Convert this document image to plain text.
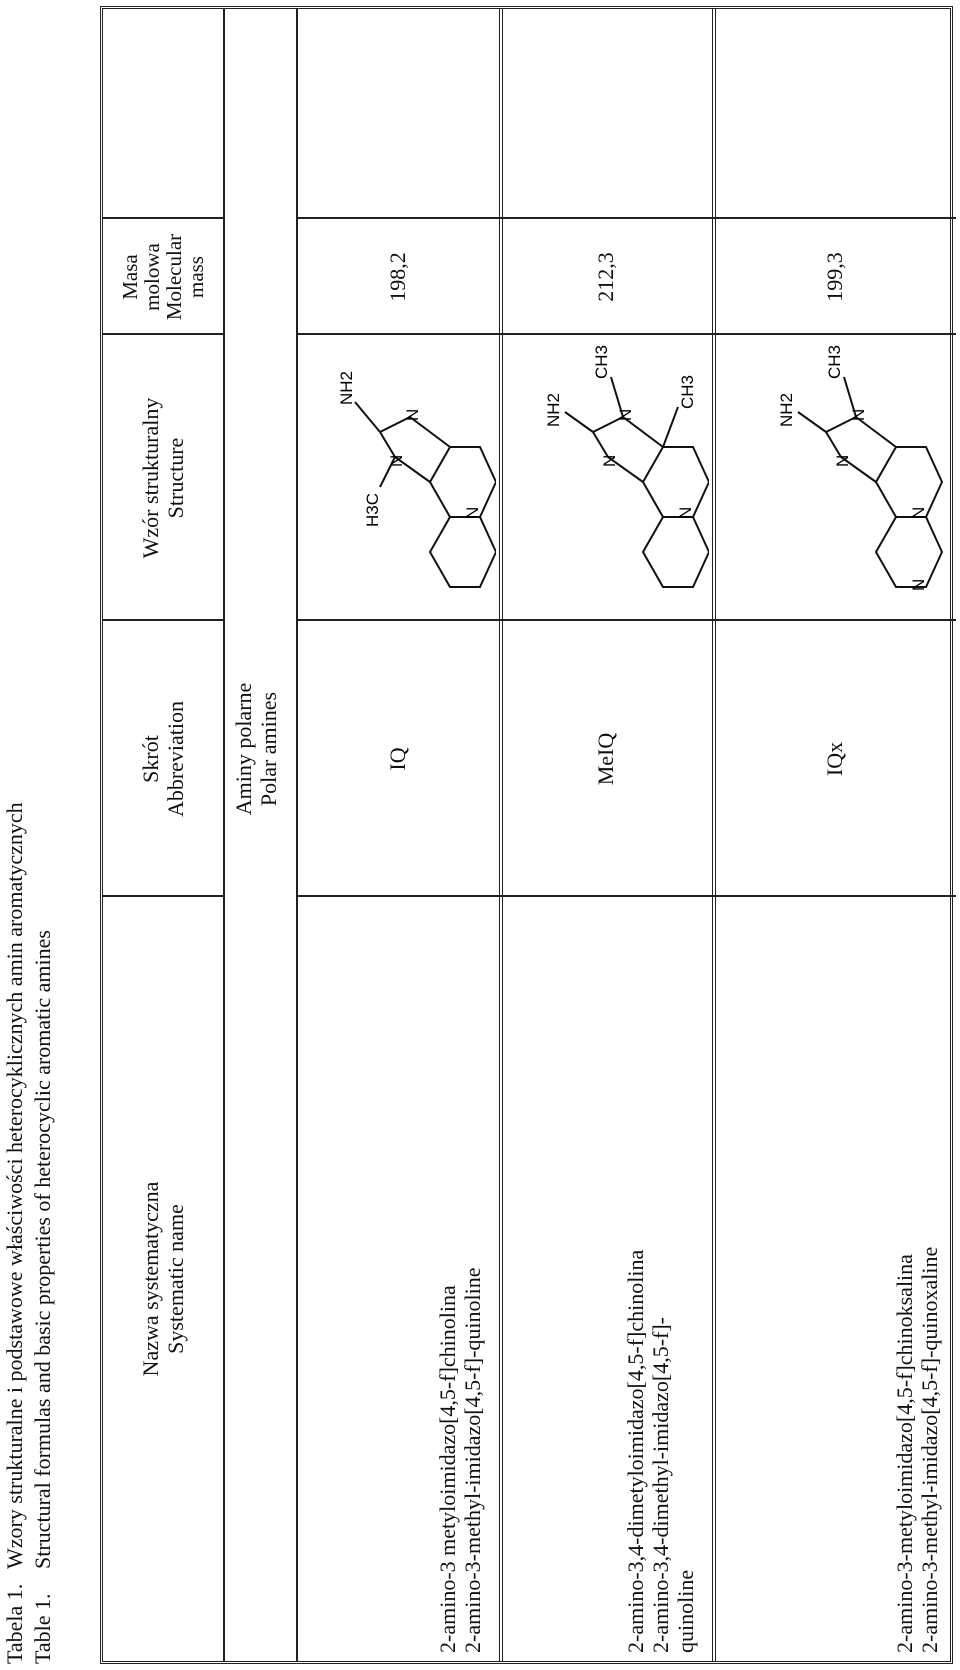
Tabela 1.Wzory strukturalne i podstawowe właściwości heterocyklicznych amin aromatycznych
Table 1.Structural formulas and basic properties of heterocyclic aromatic amines	Nazwa systematyczna Systematic name
Skrót Abbreviation
Wzór strukturalny Structure
Masa
molowa
Molecular
mass
Aminy polarne Polar amines
2-amino-3 metyloimidazo[4,5-f]chinolina 2-amino-3-methyl-imidazo[4,5-f]-quinoline
IQ
198,2
2-amino-3,4-dimetyloimidazo[4,5-f]chinolina 2-amino-3,4-dimethyl-imidazo[4,5-f]- quinoline
MeIQ
212,3
2-amino-3-metyloimidazo[4,5-f]chinoksalina 2-amino-3-methyl-imidazo[4,5-f]-quinoxaline
IQx
199,3
N
N
N
NH2
H3C	N
N
N
NH2
CH3
CH3
N
N
N
N
NH2
CH3
